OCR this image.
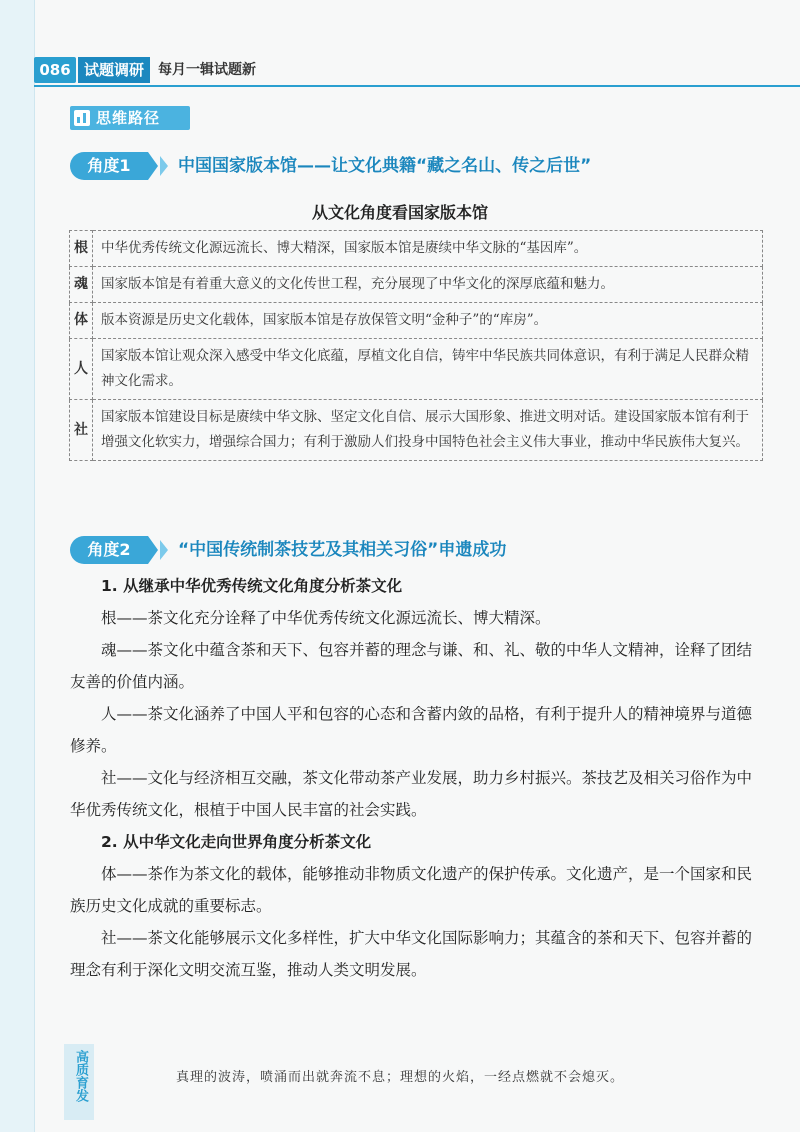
086 试题调研	每月一辑试题新
思维路径
角度1	中国国家版本馆——让文化典籍“藏之名山、传之后世”
从文化角度看国家版本馆
根	中华优秀传统文化源远流长、博大精深，国家版本馆是赓续中华文脉的“基因库”。
魂	国家版本馆是有着重大意义的文化传世工程，充分展现了中华文化的深厚底蕴和魅力。
体	版本资源是历史文化载体，国家版本馆是存放保管文明“金种子”的“库房”。
人	国家版本馆让观众深入感受中华文化底蕴，厚植文化自信，铸牢中华民族共同体意识，有利于满足人民群众精神文化需求。
社	国家版本馆建设目标是赓续中华文脉、坚定文化自信、展示大国形象、推进文明对话。建设国家版本馆有利于增强文化软实力，增强综合国力；有利于激励人们投身中国特色社会主义伟大事业，推动中华民族伟大复兴。
角度2	“中国传统制茶技艺及其相关习俗”申遗成功

1. 从继承中华优秀传统文化角度分析茶文化

根——茶文化充分诠释了中华优秀传统文化源远流长、博大精深。

魂——茶文化中蕴含茶和天下、包容并蓄的理念与谦、和、礼、敬的中华人文精神，诠释了团结友善的价值内涵。

人——茶文化涵养了中国人平和包容的心态和含蓄内敛的品格，有利于提升人的精神境界与道德修养。

社——文化与经济相互交融，茶文化带动茶产业发展，助力乡村振兴。茶技艺及相关习俗作为中华优秀传统文化，根植于中国人民丰富的社会实践。

2. 从中华文化走向世界角度分析茶文化

体——茶作为茶文化的载体，能够推动非物质文化遗产的保护传承。文化遗产，是一个国家和民族历史文化成就的重要标志。

社——茶文化能够展示文化多样性，扩大中华文化国际影响力；其蕴含的茶和天下、包容并蓄的理念有利于深化文明交流互鉴，推动人类文明发展。

高质育发	真理的波涛，喷涌而出就奔流不息；理想的火焰，一经点燃就不会熄灭。
